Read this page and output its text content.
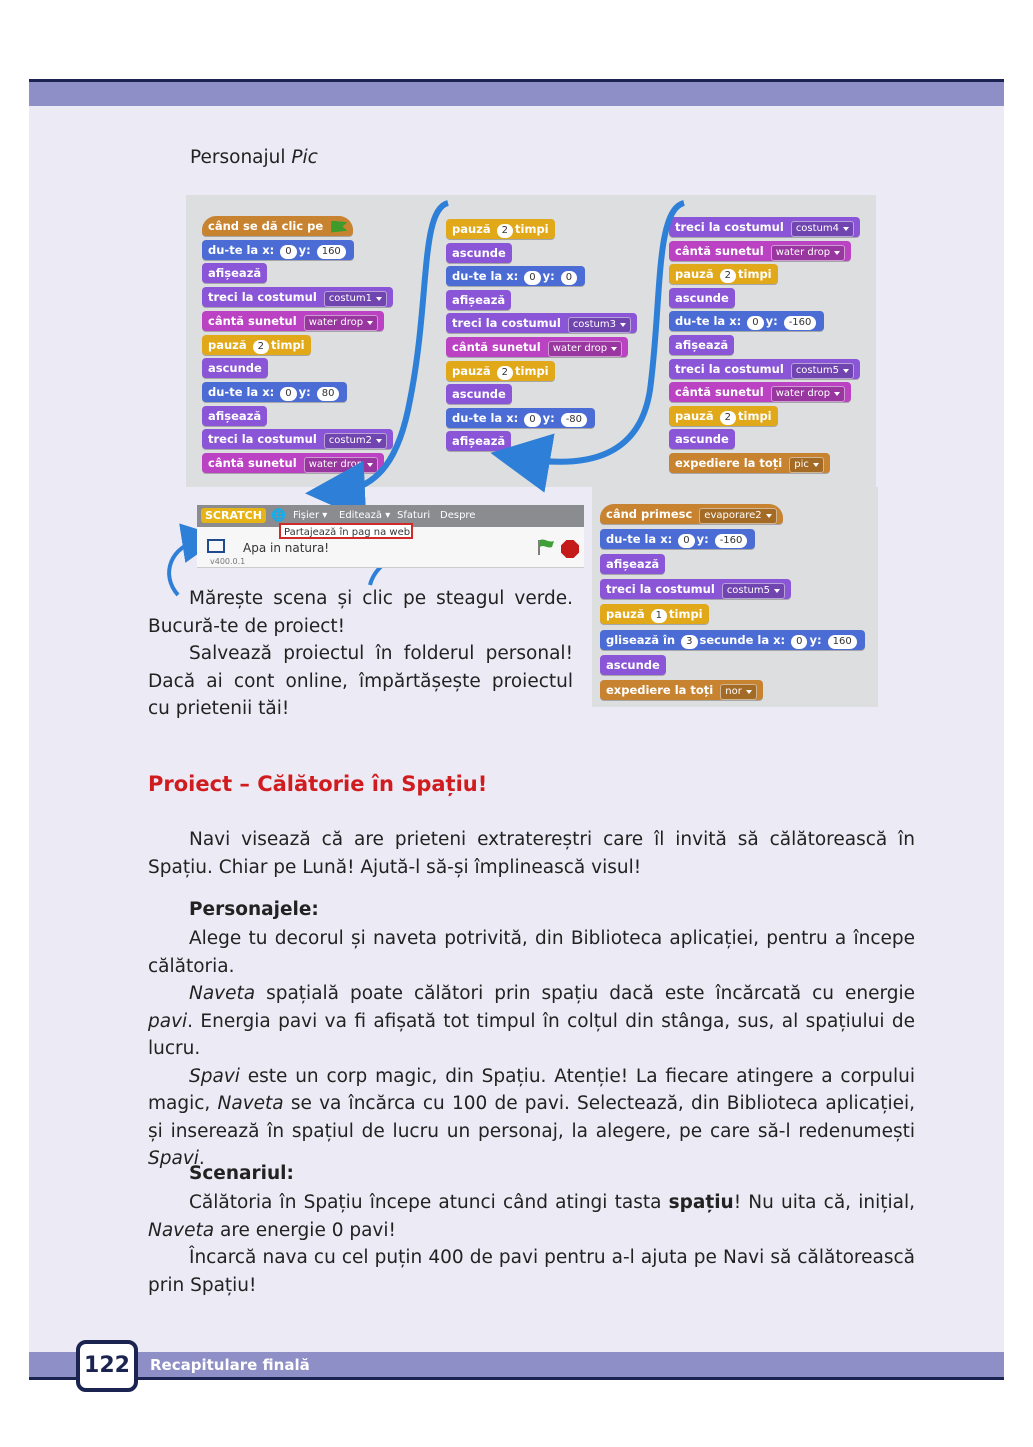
Personajul Pic
când se dă clic pe
du-te la x: 0 y: 160
afișează
treci la costumul costum1
cântă sunetul water drop
pauză 2 timpi
ascunde
du-te la x: 0 y: 80
afișează
treci la costumul costum2
cântă sunetul water drop
pauză 2 timpi
ascunde
du-te la x: 0 y: 0
afișează
treci la costumul costum3
cântă sunetul water drop
pauză 2 timpi
ascunde
du-te la x: 0 y: -80
afișează
treci la costumul costum4
cântă sunetul water drop
pauză 2 timpi
ascunde
du-te la x: 0 y: -160
afișează
treci la costumul costum5
cântă sunetul water drop
pauză 2 timpi
ascunde
expediere la toți pic
când primesc evaporare2
du-te la x: 0 y: -160
afișează
treci la costumul costum5
pauză 1 timpi
glisează în 3 secunde la x: 0 y: 160
ascunde
expediere la toți nor
SCRATCH 🌐 Fișier ▾ Editează ▾ Sfaturi Despre
Partajează în pag na web
Apa in natura!
v400.0.1
Mărește scena și clic pe steagul verde. Bucură-te de proiect!
Salvează proiectul în folderul personal! Dacă ai cont online, împărtășește proiectul cu prietenii tăi!
Proiect – Călătorie în Spațiu!
Navi visează că are prieteni extratereștri care îl invită să călătorească în Spațiu. Chiar pe Lună! Ajută-l să-și împlinească visul!
Personajele:
Alege tu decorul și naveta potrivită, din Biblioteca aplicației, pentru a începe călătoria.
Naveta spațială poate călători prin spațiu dacă este încărcată cu energie pavi. Energia pavi va fi afișată tot timpul în colțul din stânga, sus, al spațiului de lucru.
Spavi este un corp magic, din Spațiu. Atenție! La fiecare atingere a corpului magic, Naveta se va încărca cu 100 de pavi. Selectează, din Biblioteca aplicației, și inserează în spațiul de lucru un personaj, la alegere, pe care să-l redenumești Spavi.
Scenariul:
Călătoria în Spațiu începe atunci când atingi tasta spațiu! Nu uita că, inițial, Naveta are energie 0 pavi!
Încarcă nava cu cel puțin 400 de pavi pentru a-l ajuta pe Navi să călătorească prin Spațiu!
122	Recapitulare finală
